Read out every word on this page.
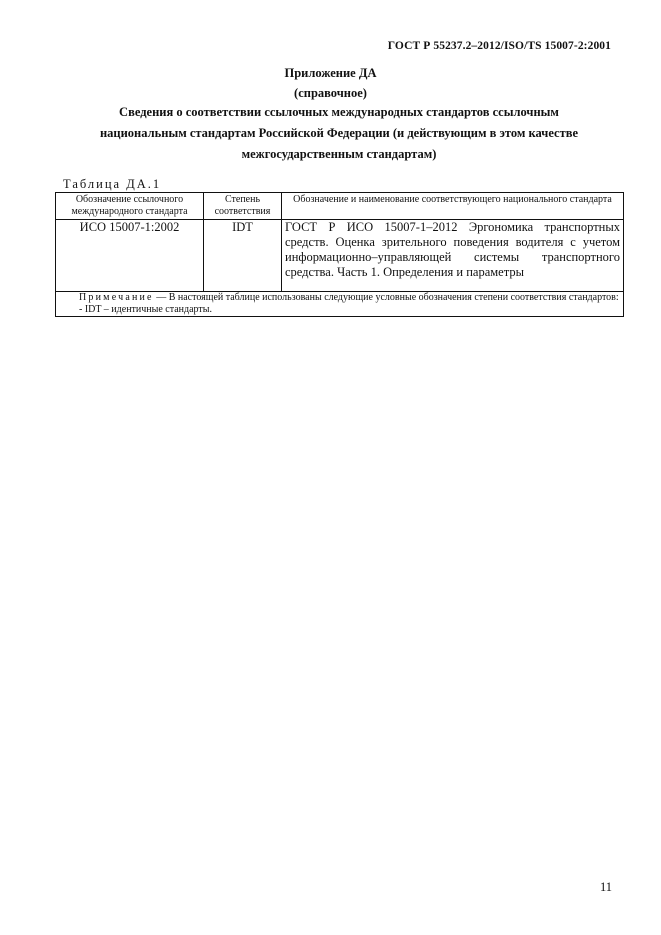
ГОСТ Р 55237.2–2012/ISO/TS 15007-2:2001
Приложение ДА
(справочное)
Сведения о соответствии ссылочных международных стандартов ссылочным
национальным стандартам Российской Федерации (и действующим в этом качестве
межгосударственным стандартам)
Таблица ДА.1
Обозначение ссылочного международного стандарта	Степень соответствия	Обозначение и наименование соответствующего национального стандарта
ИСО 15007-1:2002	IDT	ГОСТ Р ИСО 15007-1–2012 Эргономика транспортных средств. Оценка зрительного поведения водителя с учетом информационно–управляющей системы транспортного средства. Часть 1. Определения и параметры

Примечание — В настоящей таблице использованы следующие условные обозначения степени соответствия стандартов:
- IDT – идентичные стандарты.		
11
